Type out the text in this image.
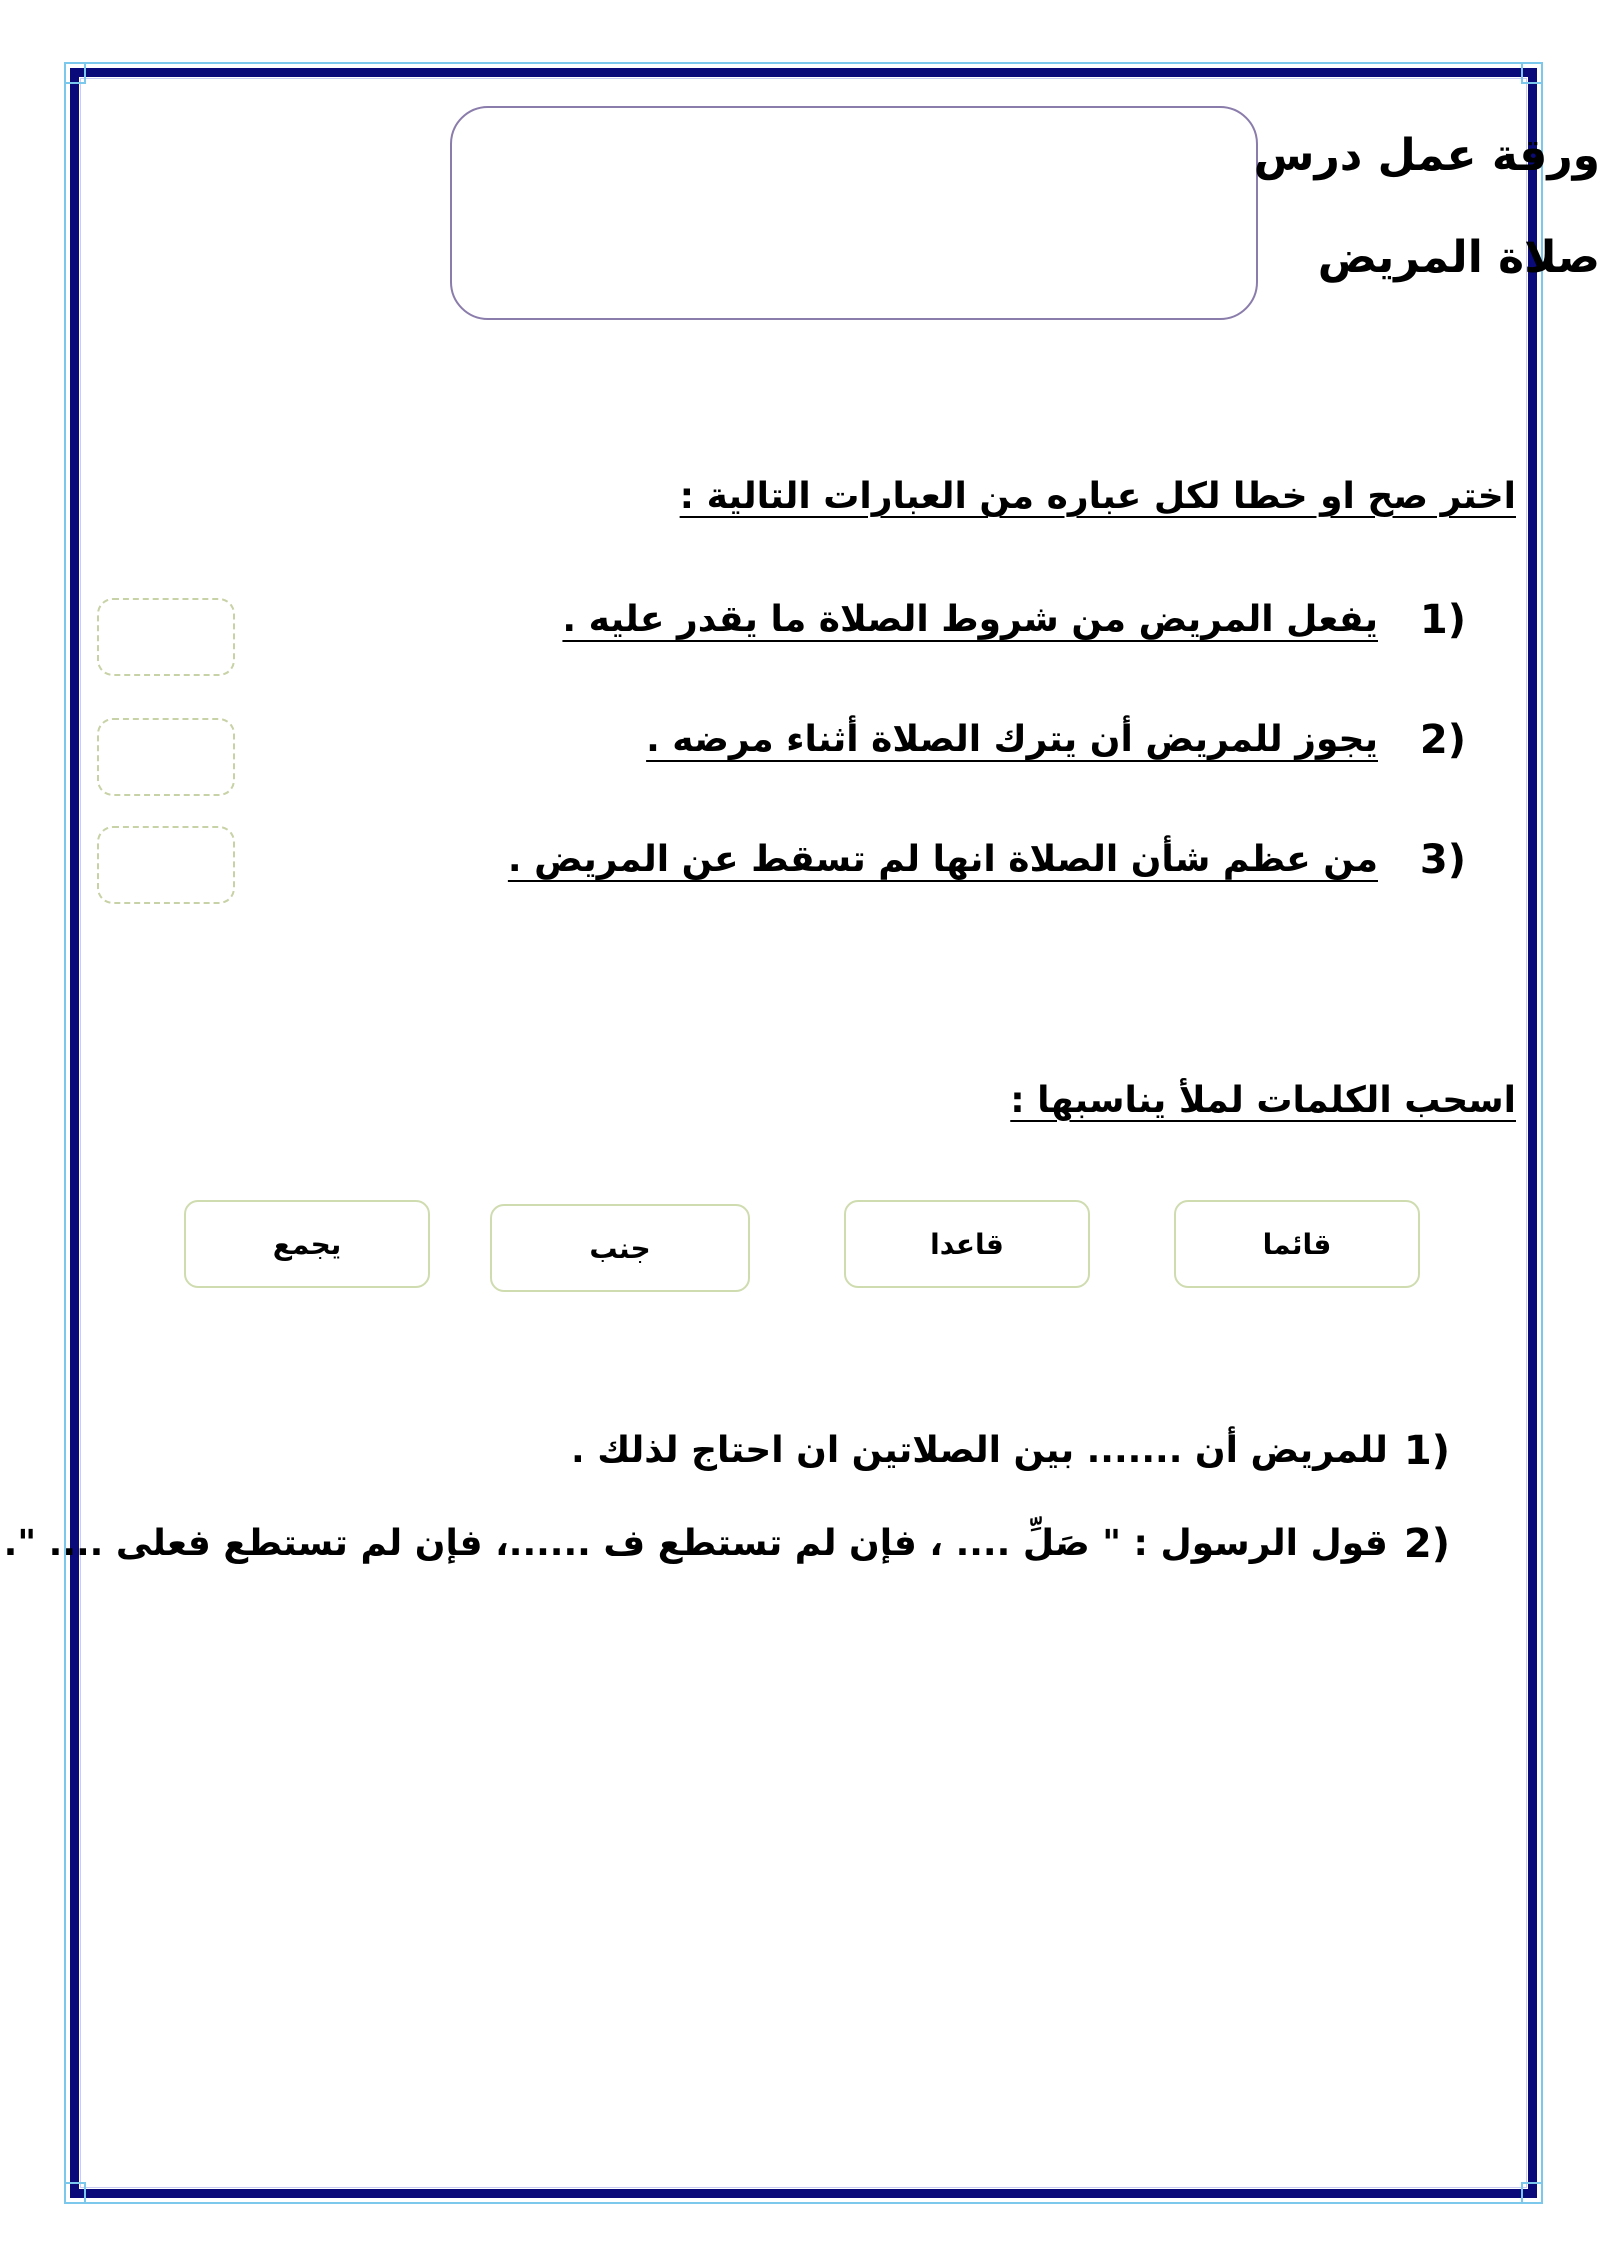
ورقة عمل درس
صلاة المريض
اختر صح او خطا لكل عباره من العبارات التالية :
1)
يفعل المريض من شروط الصلاة ما يقدر عليه .
2)
يجوز للمريض أن يترك الصلاة أثناء مرضه .
3)
من عظم شأن الصلاة انها لم تسقط عن المريض .
اسحب الكلمات لملأ يناسبها :
قائما
قاعدا
جنب
يجمع
1)
للمريض أن ....... بين الصلاتين ان احتاج لذلك .
2)
قول الرسول : " صَلِّ .... ، فإن لم تستطع ف ......، فإن لم تستطع فعلى .... ".
